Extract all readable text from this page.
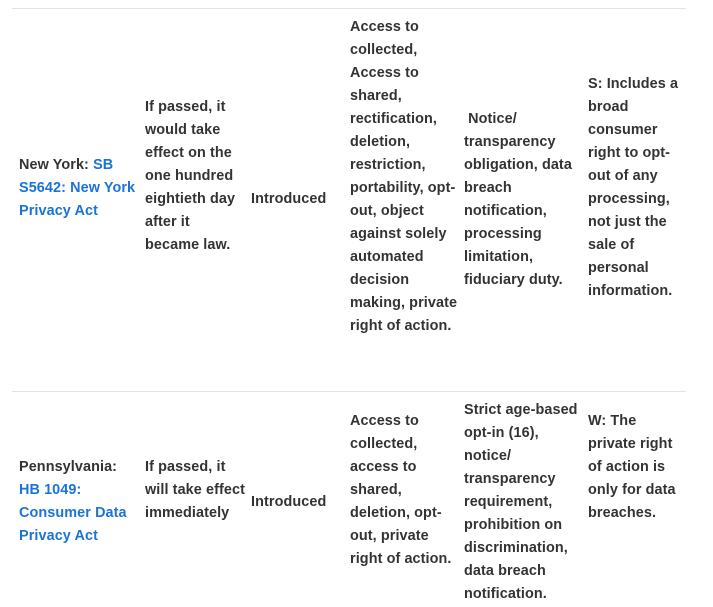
New York: SB S5642: New York Privacy Act
If passed, it would take effect on the one hundred eightieth day after it became law.
Introduced
Access to collected, Access to shared, rectification, deletion, restriction, portability, opt-out, object against solely automated decision making, private right of action.
Notice/ transparency obligation, data breach notification, processing limitation, fiduciary duty.
S: Includes a broad consumer right to opt-out of any processing, not just the sale of personal information.
Pennsylvania: HB 1049: Consumer Data Privacy Act
If passed, it will take effect immediately
Introduced
Access to collected, access to shared, deletion, opt-out, private right of action.
Strict age-based opt-in (16), notice/ transparency requirement, prohibition on discrimination, data breach notification.
W: The private right of action is only for data breaches.
